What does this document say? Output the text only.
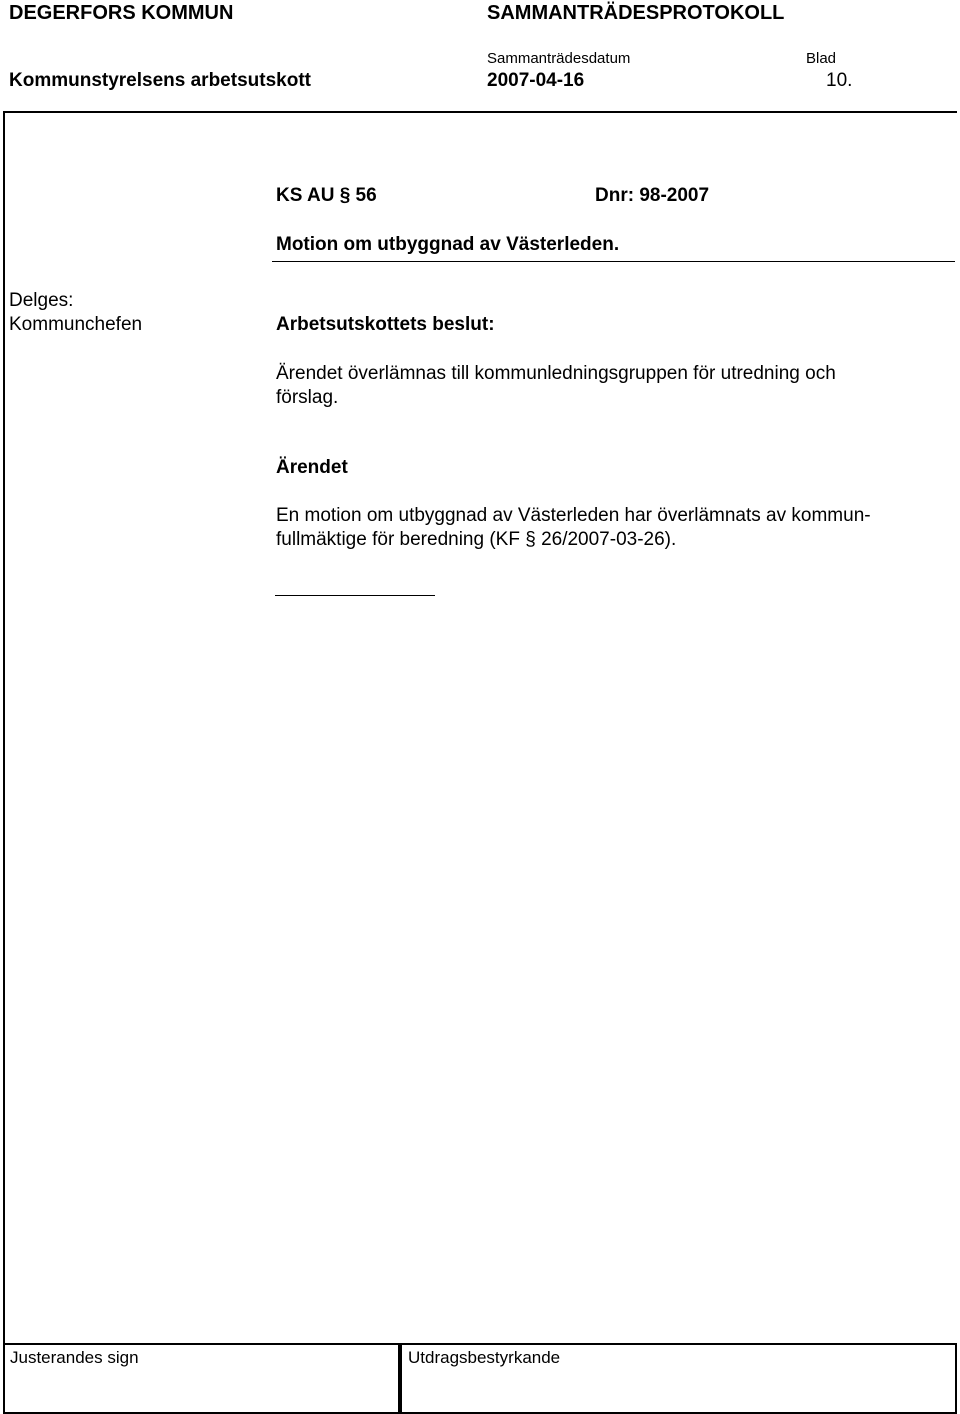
DEGERFORS KOMMUN	SAMMANTRÄDESPROTOKOLL
Sammanträdesdatum	Blad
Kommunstyrelsens arbetsutskott	2007-04-16	10.
KS AU § 56	Dnr: 98-2007
Motion om utbyggnad av Västerleden.
Delges:
Kommunchefen	Arbetsutskottets beslut:
Ärendet överlämnas till kommunledningsgruppen för utredning och
förslag.
Ärendet
En motion om utbyggnad av Västerleden har överlämnats av kommun-
fullmäktige för beredning (KF § 26/2007-03-26).
Justerandes sign	Utdragsbestyrkande
